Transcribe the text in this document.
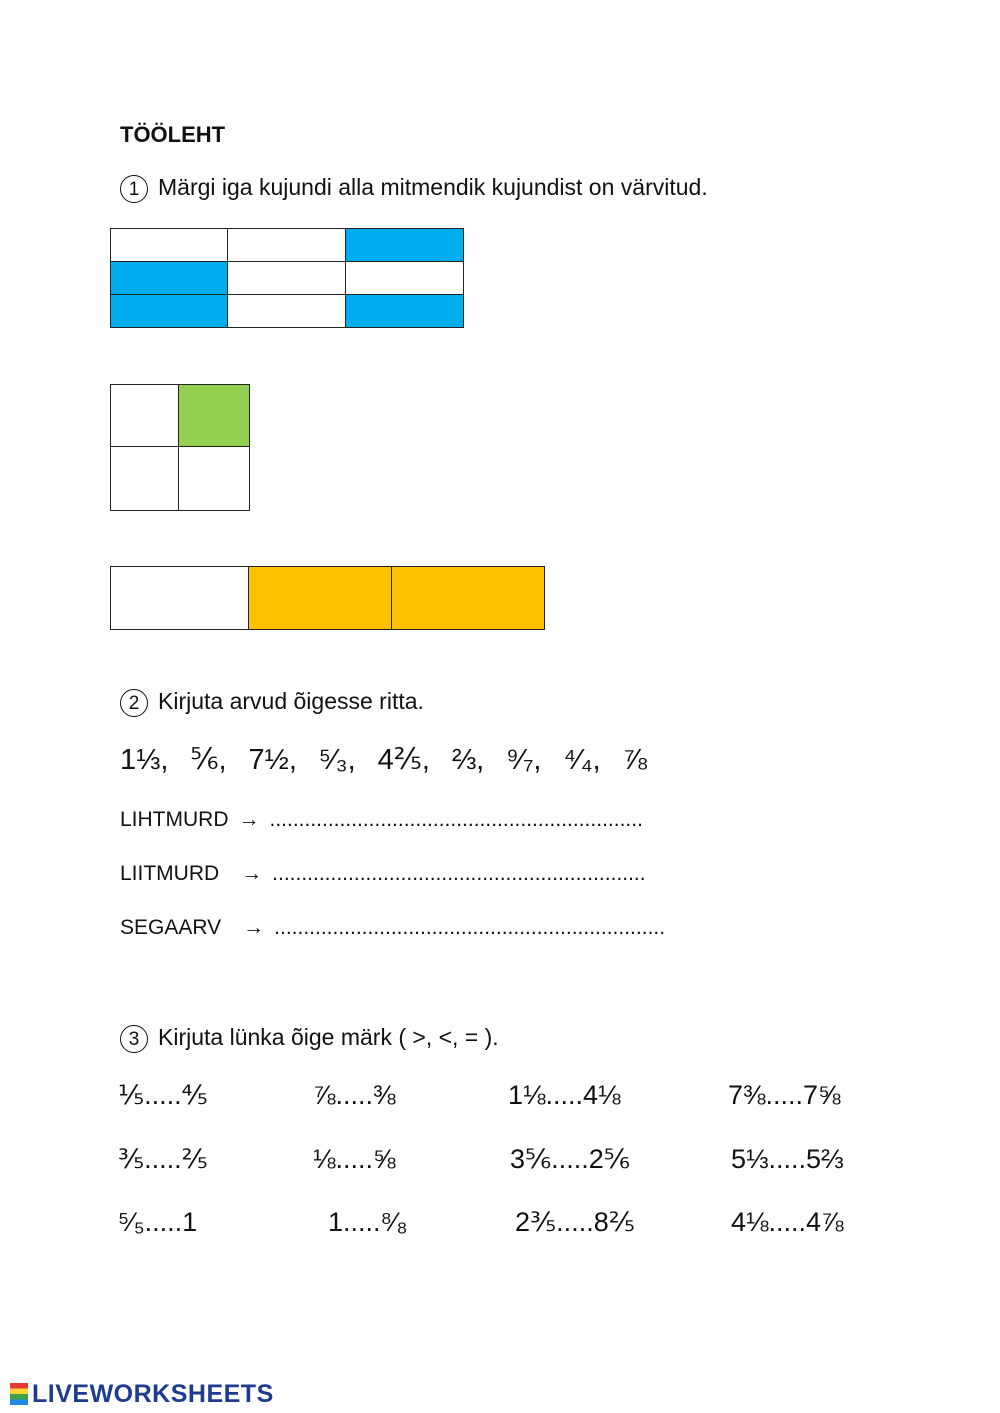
TÖÖLEHT
1 Märgi iga kujundi alla mitmendik kujundist on värvitud.

2 Kirjuta arvud õigesse ritta.
1⅓, ⅚, 7½, ⁵⁄₃, 4⅖, ⅔, ⁹⁄₇, ⁴⁄₄, ⅞
LIHTMURD → ................................................................
LIITMURD → ................................................................
SEGAARV → ...................................................................
3 Kirjuta lünka õige märk ( >, <, = ).
⅕.....⅘	⅞.....⅜	1⅛.....4⅛	7⅜.....7⅝
⅗.....⅖	⅛.....⅝	3⅚.....2⅚	5⅓.....5⅔
⁵⁄₅.....1	1.....⁸⁄₈	2⅗.....8⅖	4⅛.....4⅞
LIVEWORKSHEETS
